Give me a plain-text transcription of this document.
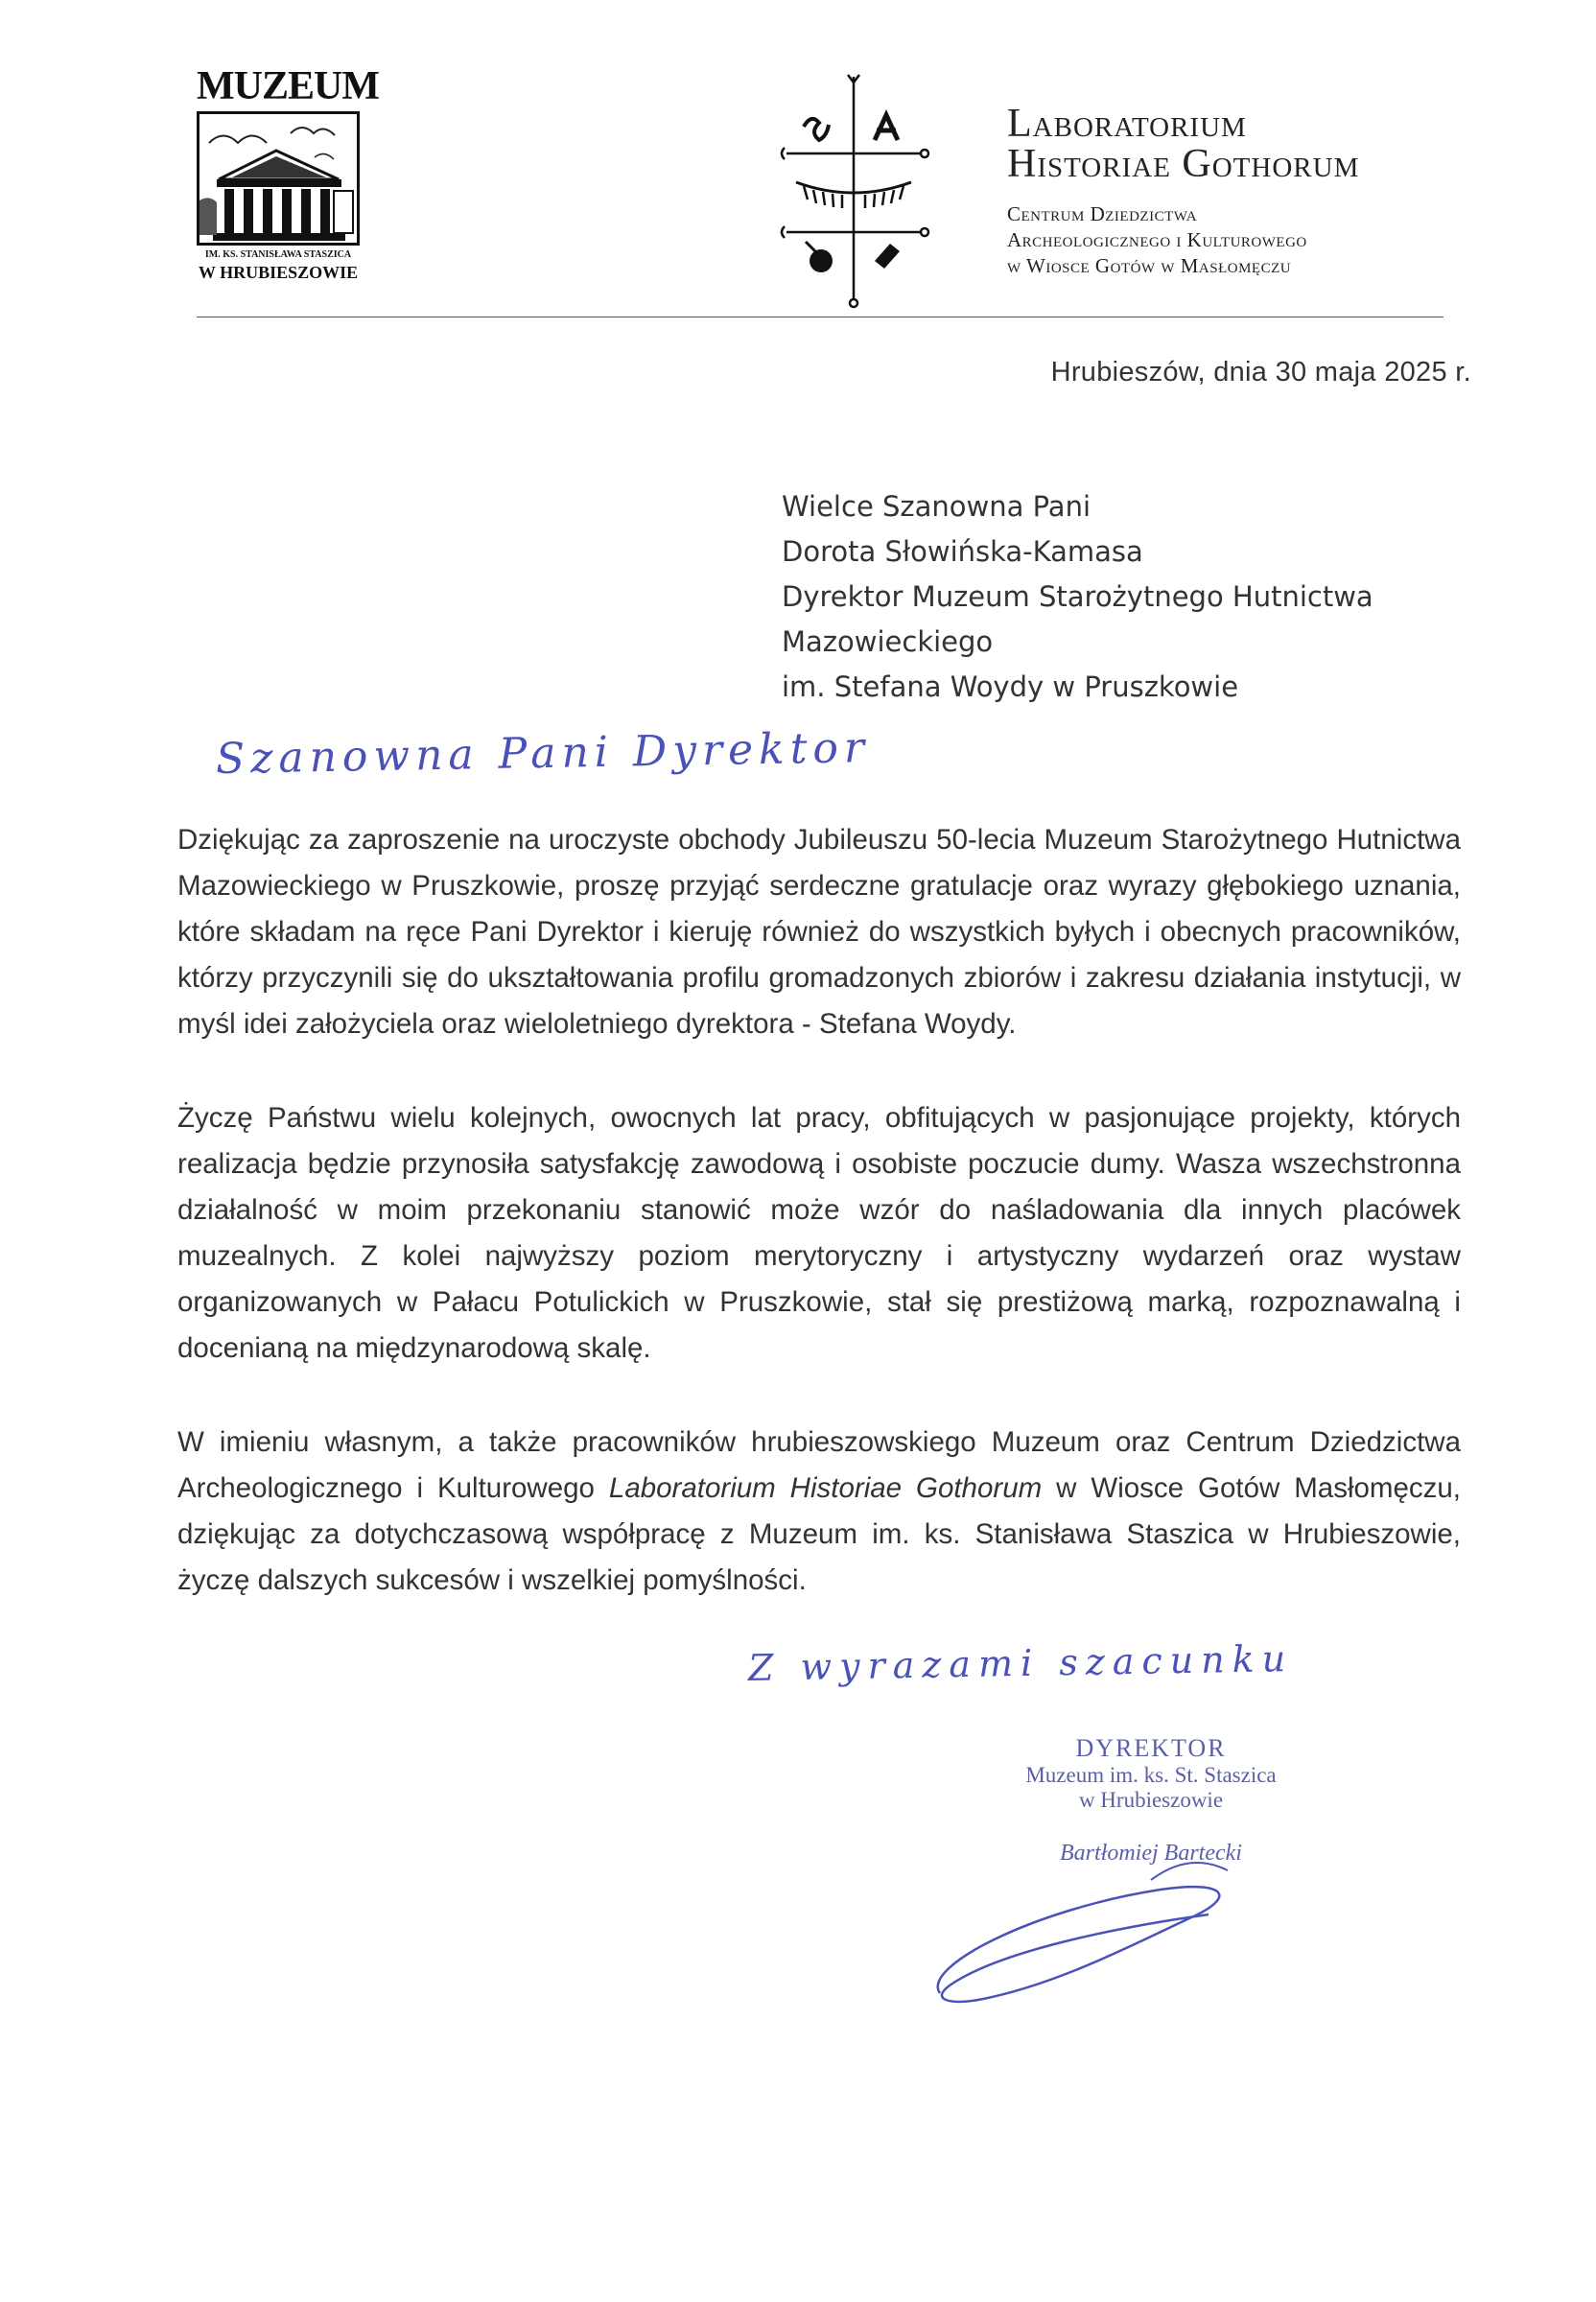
MUZEUM
IM. KS. STANISŁAWA STASZICA
W HRUBIESZOWIE
Laboratorium
Historiae Gothorum
Centrum Dziedzictwa
Archeologicznego i Kulturowego
w Wiosce Gotów w Masłomęczu
Hrubieszów, dnia 30 maja 2025 r.
Wielce Szanowna Pani
Dorota Słowińska-Kamasa
Dyrektor Muzeum Starożytnego Hutnictwa
Mazowieckiego
im. Stefana Woydy w Pruszkowie
Szanowna Pani Dyrektor

Dziękując za zaproszenie na uroczyste obchody Jubileuszu 50-lecia Muzeum Starożytnego Hutnictwa Mazowieckiego w Pruszkowie, proszę przyjąć serdeczne gratulacje oraz wyrazy głębokiego uznania, które składam na ręce Pani Dyrektor i kieruję również do wszystkich byłych i obecnych pracowników, którzy przyczynili się do ukształtowania profilu gromadzonych zbiorów i zakresu działania instytucji, w myśl idei założyciela oraz wieloletniego dyrektora - Stefana Woydy.

Życzę Państwu wielu kolejnych, owocnych lat pracy, obfitujących w pasjonujące projekty, których realizacja będzie przynosiła satysfakcję zawodową i osobiste poczucie dumy. Wasza wszechstronna działalność w moim przekonaniu stanowić może wzór do naśladowania dla innych placówek muzealnych. Z kolei najwyższy poziom merytoryczny i artystyczny wydarzeń oraz wystaw organizowanych w Pałacu Potulickich w Pruszkowie, stał się prestiżową marką, rozpoznawalną i docenianą na międzynarodową skalę.

W imieniu własnym, a także pracowników hrubieszowskiego Muzeum oraz Centrum Dziedzictwa Archeologicznego i Kulturowego Laboratorium Historiae Gothorum w Wiosce Gotów Masłomęczu, dziękując za dotychczasową współpracę z Muzeum im. ks. Stanisława Staszica w Hrubieszowie, życzę dalszych sukcesów i wszelkiej pomyślności.

Z wyrazami szacunku
DYREKTOR
Muzeum im. ks. St. Staszica
w Hrubieszowie
Bartłomiej Bartecki
